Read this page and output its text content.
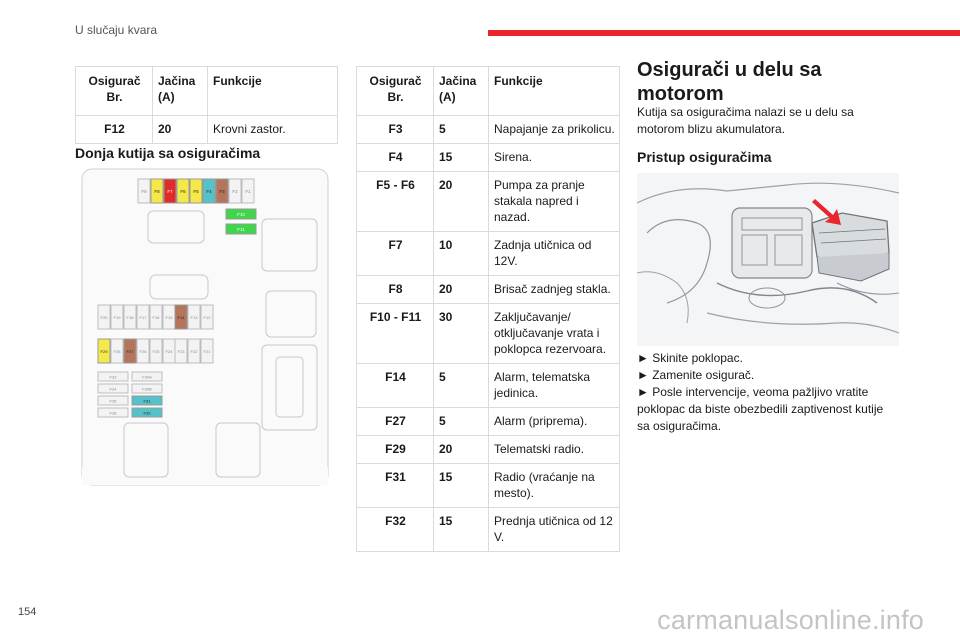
U slučaju kvara
Osigurač Br.	Jačina (A)	Funkcije
F12	20	Krovni zastor.
Donja kutija sa osiguračima
F9 F8 F7 F6 F5 F4 F3 F2 F1
F10
F11
F20 F19 F18 F17 F16 F15 F14 F13 F12
F29 F28 F27 F26 F25 F24 F23 F22 F21
F33	F30A
F24	F30B
F35	F31
F36	F32
Osigurač Br.	Jačina (A)	Funkcije
F3	5	Napajanje za prikolicu.
F4	15	Sirena.
F5 - F6	20	Pumpa za pranje stakala napred i nazad.
F7	10	Zadnja utičnica od 12V.
F8	20	Brisač zadnjeg stakla.
F10 - F11	30	Zaključavanje/ otključavanje vrata i poklopca rezervoara.
F14	5	Alarm, telematska jedinica.
F27	5	Alarm (priprema).
F29	20	Telematski radio.
F31	15	Radio (vraćanje na mesto).
F32	15	Prednja utičnica od 12 V.
Osigurači u delu sa motorom
Kutija sa osiguračima nalazi se u delu sa motorom blizu akumulatora.
Pristup osiguračima

► Skinite poklopac.

► Zamenite osigurač.

► Posle intervencije, veoma pažljivo vratite poklopac da biste obezbedili zaptivenost kutije sa osiguračima.

154	carmanualsonline.info
